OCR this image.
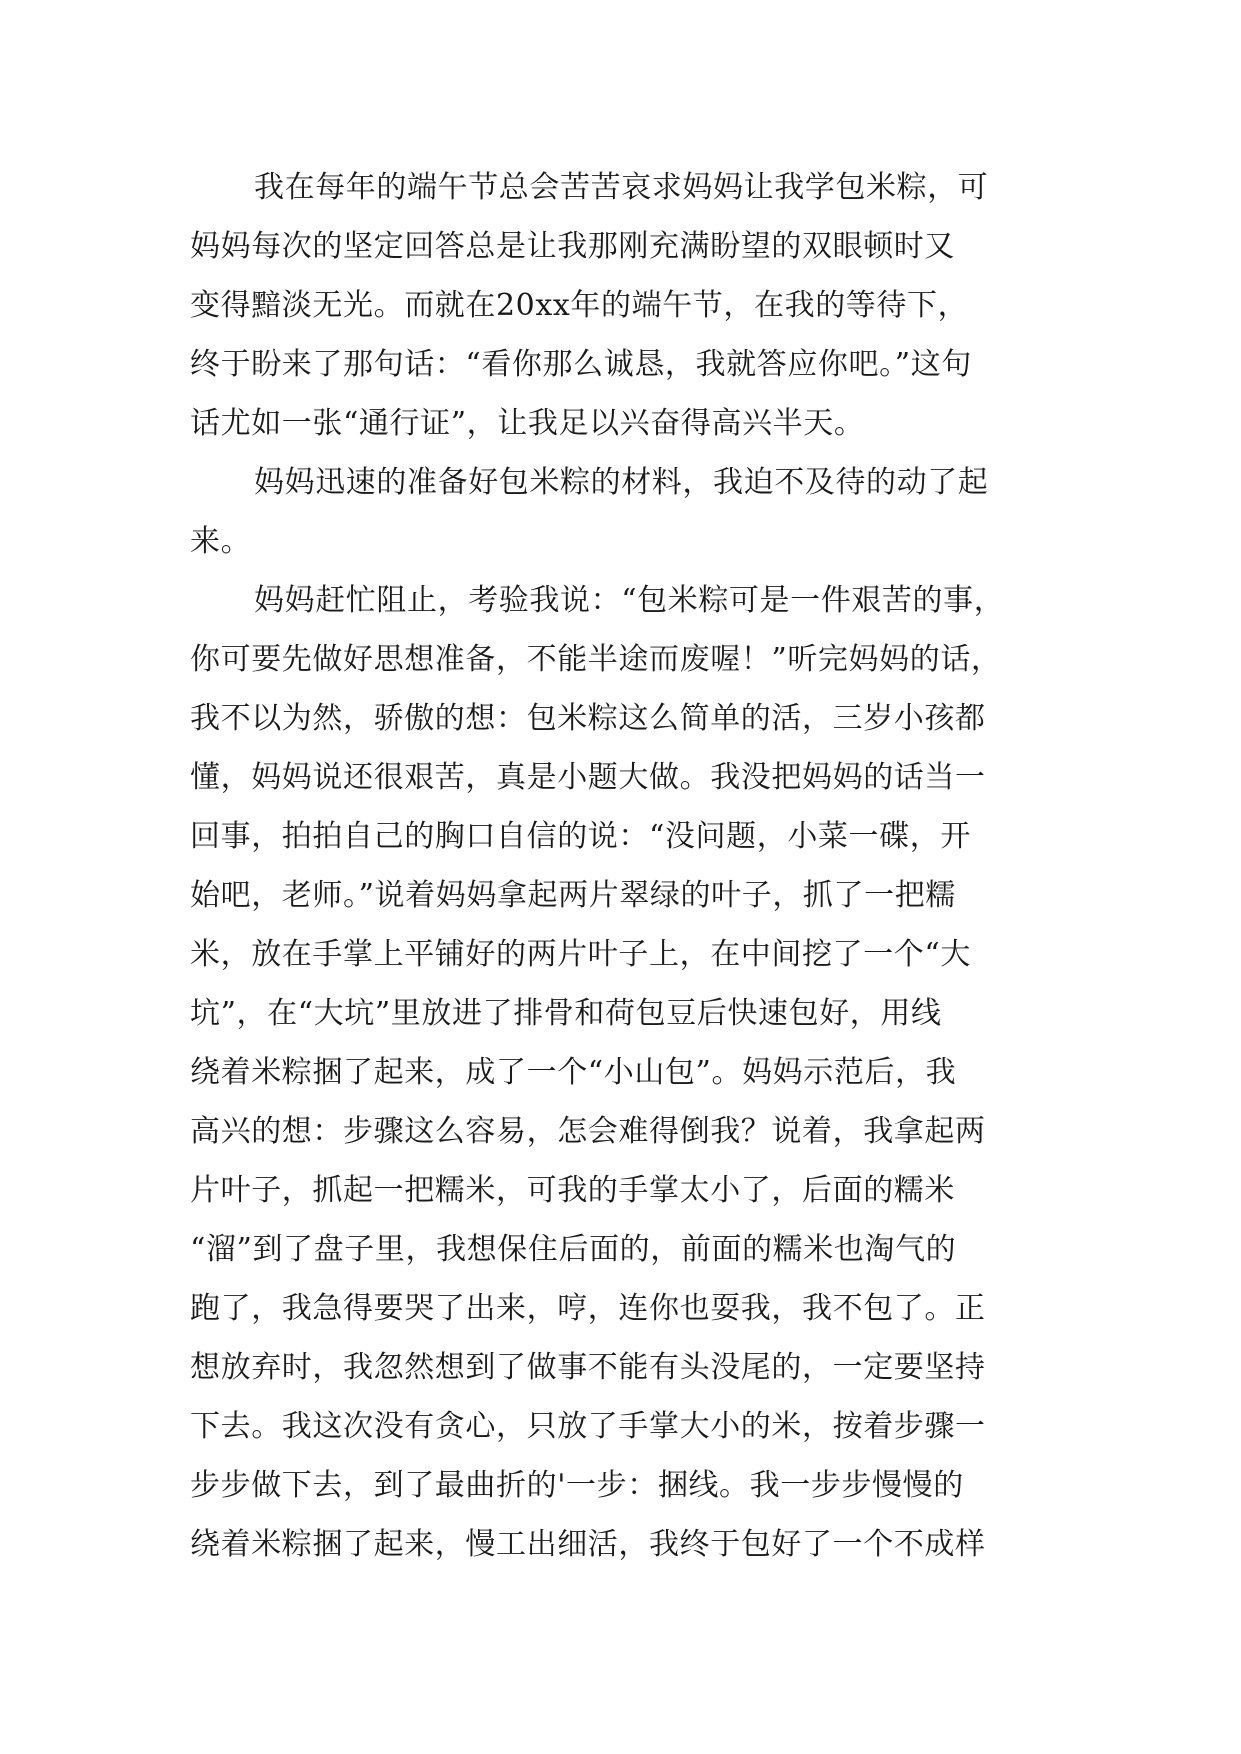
我在每年的端午节总会苦苦哀求妈妈让我学包米粽，可
妈妈每次的坚定回答总是让我那刚充满盼望的双眼顿时又
变得黯淡无光。而就在20xx年的端午节，在我的等待下，
终于盼来了那句话：“看你那么诚恳，我就答应你吧。”这句
话尤如一张“通行证”，让我足以兴奋得高兴半天。
妈妈迅速的准备好包米粽的材料，我迫不及待的动了起
来。
妈妈赶忙阻止，考验我说：“包米粽可是一件艰苦的事，
你可要先做好思想准备，不能半途而废喔！”听完妈妈的话，
我不以为然，骄傲的想：包米粽这么简单的活，三岁小孩都
懂，妈妈说还很艰苦，真是小题大做。我没把妈妈的话当一
回事，拍拍自己的胸口自信的说：“没问题，小菜一碟，开
始吧，老师。”说着妈妈拿起两片翠绿的叶子，抓了一把糯
米，放在手掌上平铺好的两片叶子上，在中间挖了一个“大
坑”，在“大坑”里放进了排骨和荷包豆后快速包好，用线
绕着米粽捆了起来，成了一个“小山包”。妈妈示范后，我
高兴的想：步骤这么容易，怎会难得倒我？说着，我拿起两
片叶子，抓起一把糯米，可我的手掌太小了，后面的糯米
“溜”到了盘子里，我想保住后面的，前面的糯米也淘气的
跑了，我急得要哭了出来，哼，连你也耍我，我不包了。正
想放弃时，我忽然想到了做事不能有头没尾的，一定要坚持
下去。我这次没有贪心，只放了手掌大小的米，按着步骤一
步步做下去，到了最曲折的'一步：捆线。我一步步慢慢的
绕着米粽捆了起来，慢工出细活，我终于包好了一个不成样
